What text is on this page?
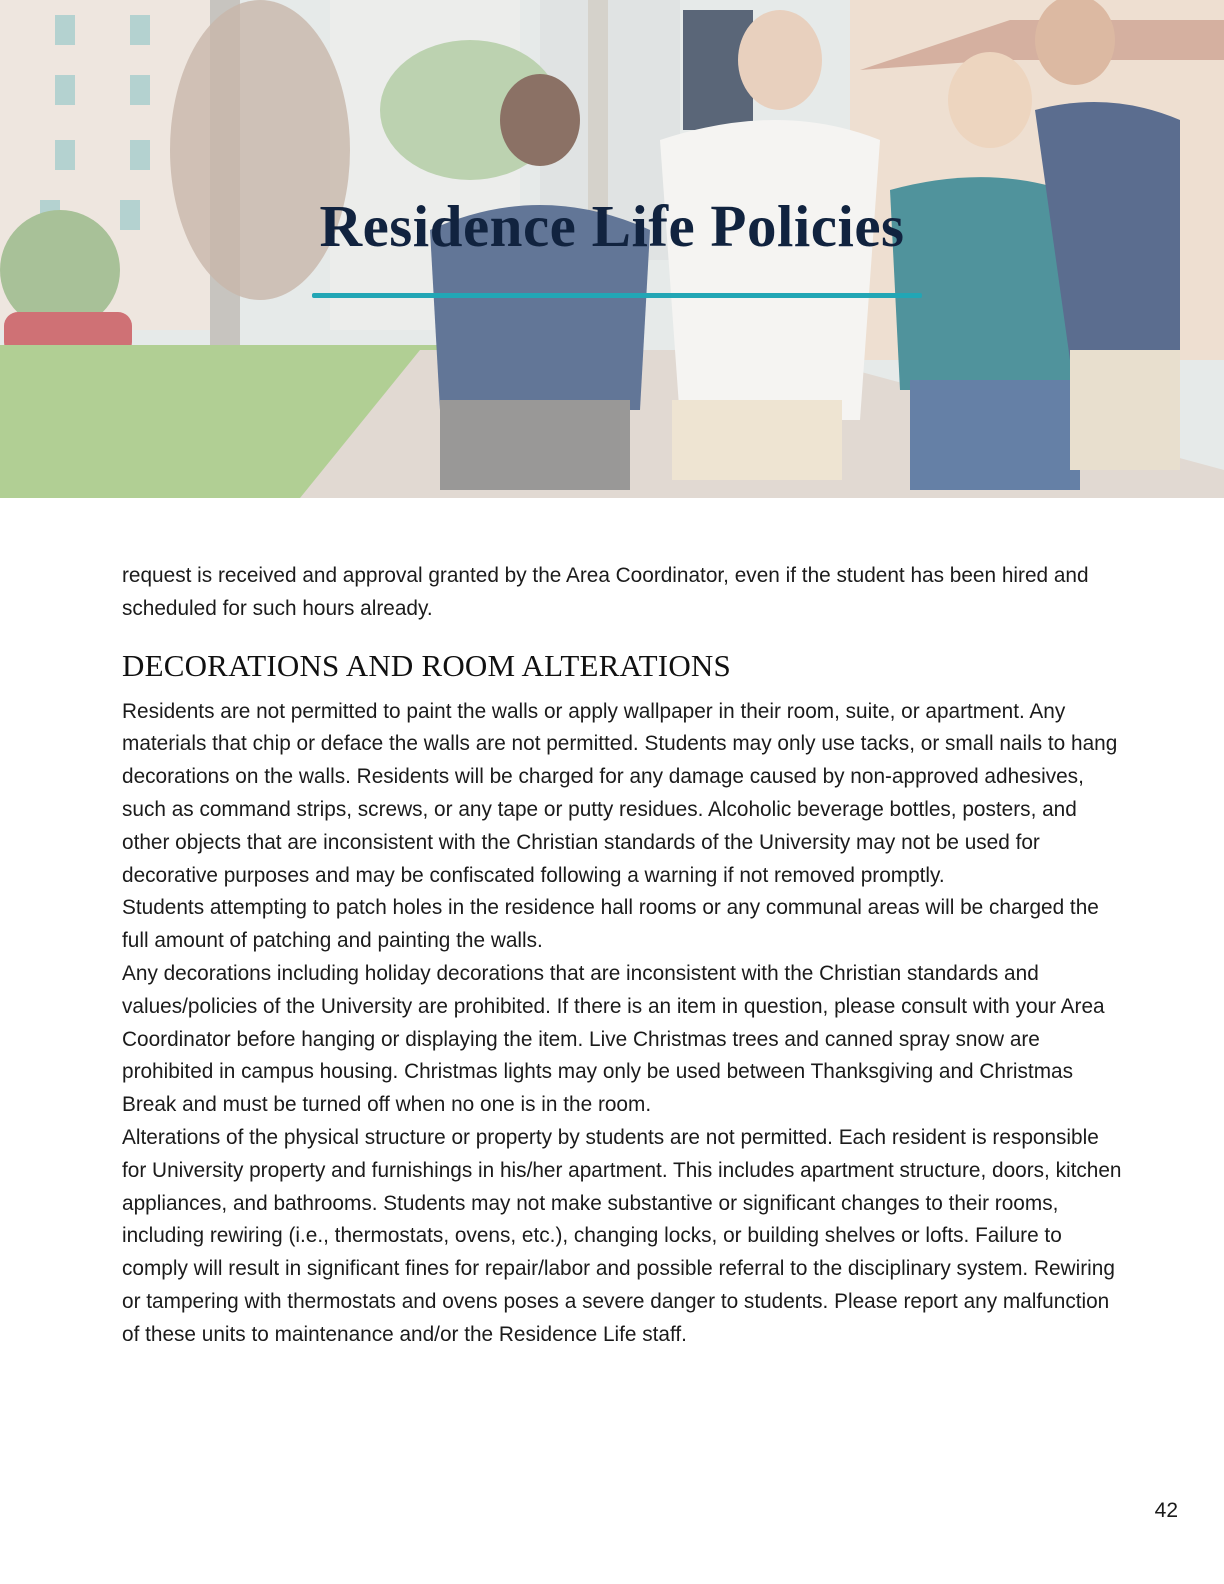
Residence Life Policies

request is received and approval granted by the Area Coordinator, even if the student has been hired and scheduled for such hours already.

DECORATIONS AND ROOM ALTERATIONS

Residents are not permitted to paint the walls or apply wallpaper in their room, suite, or apartment. Any materials that chip or deface the walls are not permitted. Students may only use tacks, or small nails to hang decorations on the walls. Residents will be charged for any damage caused by non-approved adhesives, such as command strips, screws, or any tape or putty residues. Alcoholic beverage bottles, posters, and other objects that are inconsistent with the Christian standards of the University may not be used for decorative purposes and may be confiscated following a warning if not removed promptly.

Students attempting to patch holes in the residence hall rooms or any communal areas will be charged the full amount of patching and painting the walls.

Any decorations including holiday decorations that are inconsistent with the Christian standards and values/policies of the University are prohibited. If there is an item in question, please consult with your Area Coordinator before hanging or displaying the item. Live Christmas trees and canned spray snow are prohibited in campus housing. Christmas lights may only be used between Thanksgiving and Christmas Break and must be turned off when no one is in the room.

Alterations of the physical structure or property by students are not permitted. Each resident is responsible for University property and furnishings in his/her apartment. This includes apartment structure, doors, kitchen appliances, and bathrooms. Students may not make substantive or significant changes to their rooms, including rewiring (i.e., thermostats, ovens, etc.), changing locks, or building shelves or lofts. Failure to comply will result in significant fines for repair/labor and possible referral to the disciplinary system. Rewiring or tampering with thermostats and ovens poses a severe danger to students. Please report any malfunction of these units to maintenance and/or the Residence Life staff.

42
